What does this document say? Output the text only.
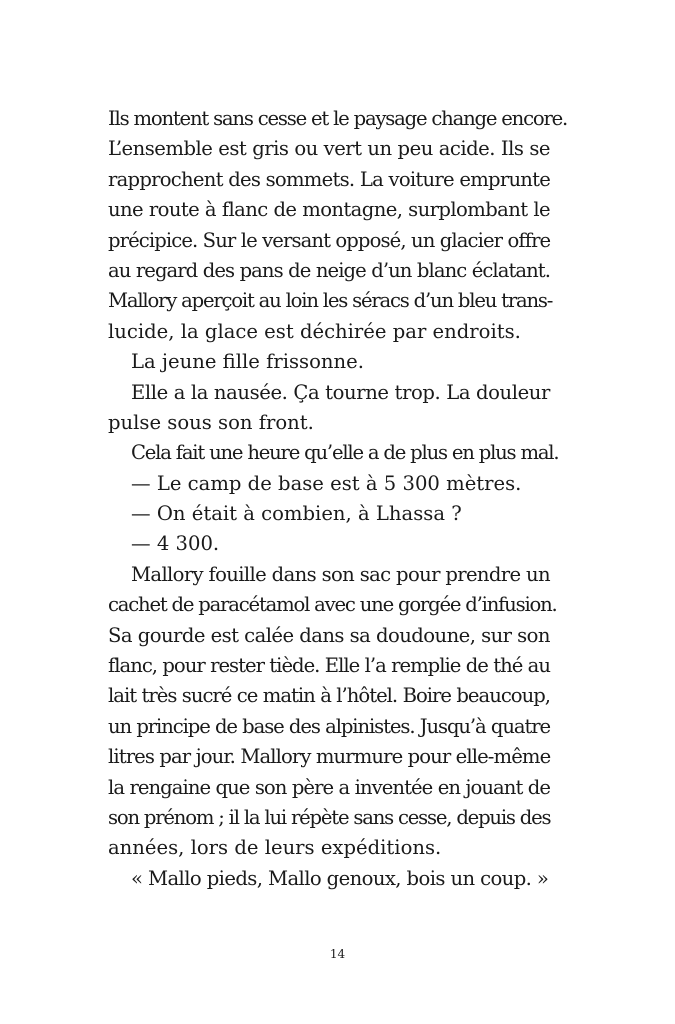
Ils montent sans cesse et le paysage change encore.
L’ensemble est gris ou vert un peu acide. Ils se
rapprochent des sommets. La voiture emprunte
une route à flanc de montagne, surplombant le
précipice. Sur le versant opposé, un glacier offre
au regard des pans de neige d’un blanc éclatant.
Mallory aperçoit au loin les séracs d’un bleu trans-
lucide, la glace est déchirée par endroits.
La jeune fille frissonne.
Elle a la nausée. Ça tourne trop. La douleur
pulse sous son front.
Cela fait une heure qu’elle a de plus en plus mal.
— Le camp de base est à 5 300 mètres.
— On était à combien, à Lhassa ?
— 4 300.
Mallory fouille dans son sac pour prendre un
cachet de paracétamol avec une gorgée d’infusion.
Sa gourde est calée dans sa doudoune, sur son
flanc, pour rester tiède. Elle l’a remplie de thé au
lait très sucré ce matin à l’hôtel. Boire beaucoup,
un principe de base des alpinistes. Jusqu’à quatre
litres par jour. Mallory murmure pour elle-même
la rengaine que son père a inventée en jouant de
son prénom ; il la lui répète sans cesse, depuis des
années, lors de leurs expéditions.
« Mallo pieds, Mallo genoux, bois un coup. »
14
